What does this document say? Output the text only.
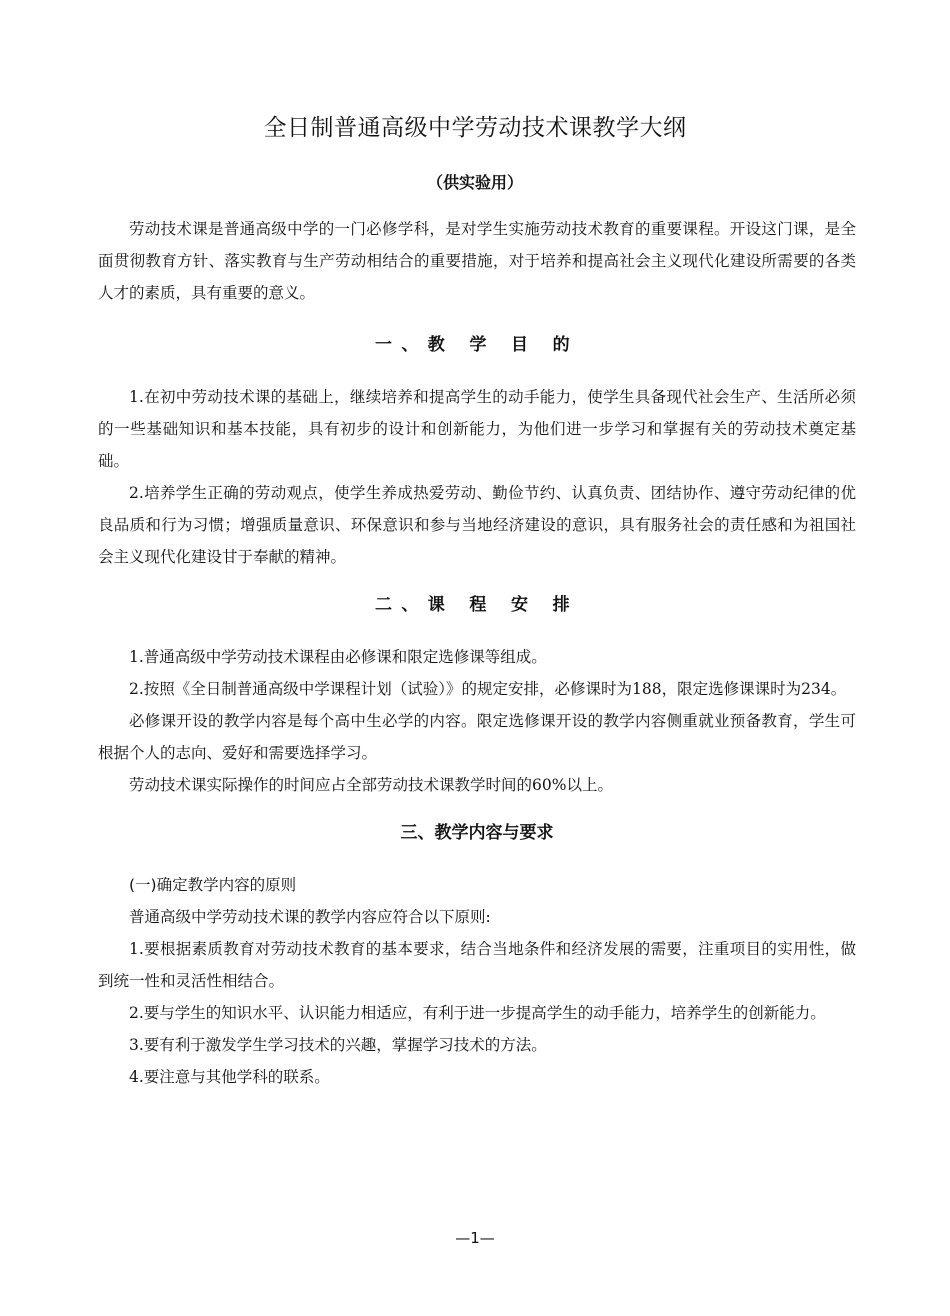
全日制普通高级中学劳动技术课教学大纲

（供实验用）

劳动技术课是普通高级中学的一门必修学科，是对学生实施劳动技术教育的重要课程。开设这门课，是全面贯彻教育方针、落实教育与生产劳动相结合的重要措施，对于培养和提高社会主义现代化建设所需要的各类人才的素质，具有重要的意义。

一、教 学 目 的

1.在初中劳动技术课的基础上，继续培养和提高学生的动手能力，使学生具备现代社会生产、生活所必须的一些基础知识和基本技能，具有初步的设计和创新能力，为他们进一步学习和掌握有关的劳动技术奠定基础。

2.培养学生正确的劳动观点，使学生养成热爱劳动、勤俭节约、认真负责、团结协作、遵守劳动纪律的优良品质和行为习惯；增强质量意识、环保意识和参与当地经济建设的意识，具有服务社会的责任感和为祖国社会主义现代化建设甘于奉献的精神。

二、课 程 安 排

1.普通高级中学劳动技术课程由必修课和限定选修课等组成。

2.按照《全日制普通高级中学课程计划（试验）》的规定安排，必修课时为188，限定选修课课时为234。

必修课开设的教学内容是每个高中生必学的内容。限定选修课开设的教学内容侧重就业预备教育，学生可根据个人的志向、爱好和需要选择学习。

劳动技术课实际操作的时间应占全部劳动技术课教学时间的60%以上。

三、教学内容与要求

(一)确定教学内容的原则

普通高级中学劳动技术课的教学内容应符合以下原则:

1.要根据素质教育对劳动技术教育的基本要求，结合当地条件和经济发展的需要，注重项目的实用性，做到统一性和灵活性相结合。

2.要与学生的知识水平、认识能力相适应，有利于进一步提高学生的动手能力，培养学生的创新能力。

3.要有利于激发学生学习技术的兴趣，掌握学习技术的方法。

4.要注意与其他学科的联系。

—1—
